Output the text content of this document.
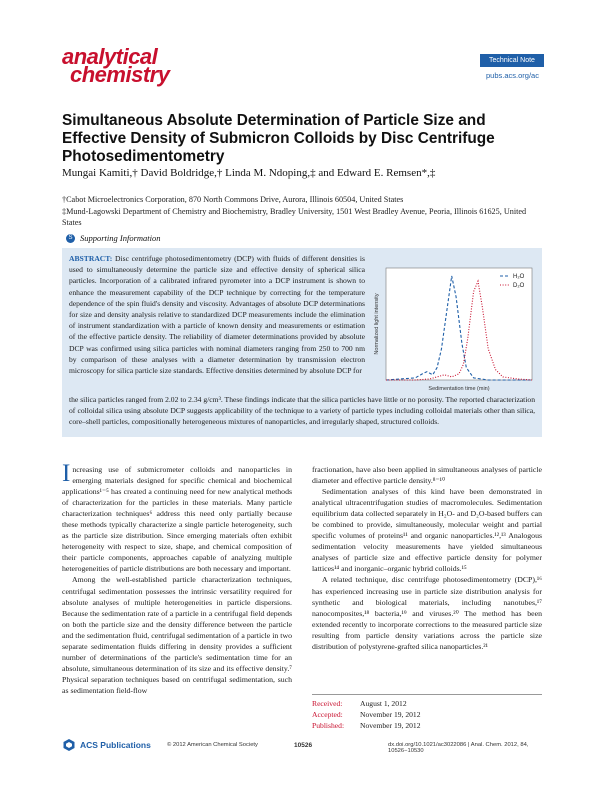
analytical
chemistry
Technical Note
pubs.acs.org/ac
Simultaneous Absolute Determination of Particle Size and Effective Density of Submicron Colloids by Disc Centrifuge Photosedimentometry
Mungai Kamiti,† David Boldridge,† Linda M. Ndoping,‡ and Edward E. Remsen*,‡
†Cabot Microelectronics Corporation, 870 North Commons Drive, Aurora, Illinois 60504, United States
‡Mund-Lagowski Department of Chemistry and Biochemistry, Bradley University, 1501 West Bradley Avenue, Peoria, Illinois 61625, United States
S Supporting Information
ABSTRACT: Disc centrifuge photosedimentometry (DCP) with fluids of different densities is used to simultaneously determine the particle size and effective density of spherical silica particles. Incorporation of a calibrated infrared pyrometer into a DCP instrument is shown to enhance the measurement capability of the DCP technique by correcting for the temperature dependence of the spin fluid's density and viscosity. Advantages of absolute DCP determinations for size and density analysis relative to standardized DCP measurements include the elimination of instrument standardization with a particle of known density and measurements or estimation of the effective particle density. The reliability of diameter determinations provided by absolute DCP was confirmed using silica particles with nominal diameters ranging from 250 to 700 nm by comparison of these analyses with a diameter determination by transmission electron microscopy for silica particle size standards. Effective densities determined by absolute DCP for
the silica particles ranged from 2.02 to 2.34 g/cm³. These findings indicate that the silica particles have little or no porosity. The reported characterization of colloidal silica using absolute DCP suggests applicability of the technique to a variety of particle types including colloidal materials other than silica, core–shell particles, compositionally heterogeneous mixtures of nanoparticles, and irregularly shaped, structured colloids.
H₂O
D₂O
Sedimentation time (min)
Normalized light intensity

Increasing use of submicrometer colloids and nanoparticles in emerging materials designed for specific chemical and biochemical applications¹⁻⁵ has created a continuing need for new analytical methods of characterization for the particles in these materials. Many particle characterization techniques⁶ address this need only partially because these methods typically characterize a single particle heterogeneity, such as the particle size distribution. Since emerging materials often exhibit heterogeneity with respect to size, shape, and chemical composition of their particle components, approaches capable of analyzing multiple heterogeneities of particle distributions are both necessary and important.

Among the well-established particle characterization techniques, centrifugal sedimentation possesses the intrinsic versatility required for absolute analyses of multiple heterogeneities in particle dispersions. Because the sedimentation rate of a particle in a centrifugal field depends on both the particle size and the density difference between the particle and the sedimentation fluid, centrifugal sedimentation of a particle in two separate sedimentation fluids differing in density provides a sufficient number of determinations of the particle's sedimentation time for an absolute, simultaneous determination of its size and its effective density.⁷ Physical separation techniques based on centrifugal sedimentation, such as sedimentation field-flow

fractionation, have also been applied in simultaneous analyses of particle diameter and effective particle density.⁸⁻¹⁰

Sedimentation analyses of this kind have been demonstrated in analytical ultracentrifugation studies of macromolecules. Sedimentation equilibrium data collected separately in H₂O- and D₂O-based buffers can be combined to provide, simultaneously, molecular weight and partial specific volumes of proteins¹¹ and organic nanoparticles.¹²,¹³ Analogous sedimentation velocity measurements have yielded simultaneous analyses of particle size and effective particle density for polymer lattices¹⁴ and inorganic–organic hybrid colloids.¹⁵

A related technique, disc centrifuge photosedimentometry (DCP),¹⁶ has experienced increasing use in particle size distribution analysis for synthetic and biological materials, including nanotubes,¹⁷ nanocomposites,¹⁸ bacteria,¹⁹ and viruses.²⁰ The method has been extended recently to incorporate corrections to the measured particle size resulting from particle density variations across the particle size distribution of polystyrene-grafted silica nanoparticles.²¹

Received: August 1, 2012
Accepted: November 19, 2012
Published: November 19, 2012
ACS Publications	© 2012 American Chemical Society	10526	dx.doi.org/10.1021/ac3022086 | Anal. Chem. 2012, 84, 10526−10530
